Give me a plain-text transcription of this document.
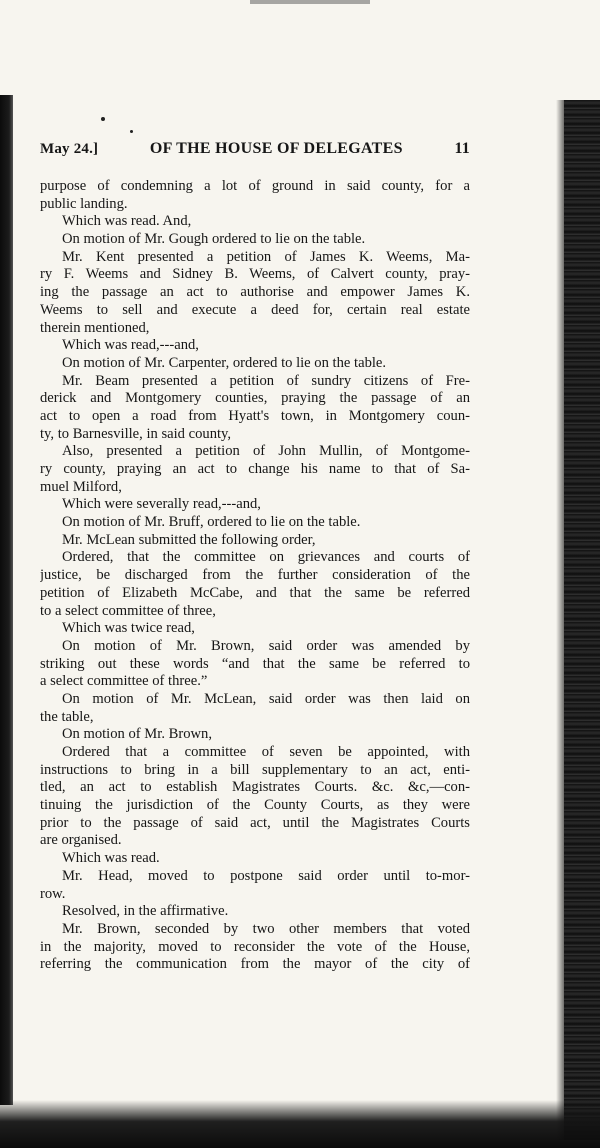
May 24.]	OF THE HOUSE OF DELEGATES	11
purpose of condemning a lot of ground in said county, for a
public landing.
Which was read. And,
On motion of Mr. Gough ordered to lie on the table.
Mr. Kent presented a petition of James K. Weems, Ma-
ry F. Weems and Sidney B. Weems, of Calvert county, pray-
ing the passage an act to authorise and empower James K.
Weems to sell and execute a deed for, certain real estate
therein mentioned,
Which was read,---and,
On motion of Mr. Carpenter, ordered to lie on the table.
Mr. Beam presented a petition of sundry citizens of Fre-
derick and Montgomery counties, praying the passage of an
act to open a road from Hyatt's town, in Montgomery coun-
ty, to Barnesville, in said county,
Also, presented a petition of John Mullin, of Montgome-
ry county, praying an act to change his name to that of Sa-
muel Milford,
Which were severally read,---and,
On motion of Mr. Bruff, ordered to lie on the table.
Mr. McLean submitted the following order,
Ordered, that the committee on grievances and courts of
justice, be discharged from the further consideration of the
petition of Elizabeth McCabe, and that the same be referred
to a select committee of three,
Which was twice read,
On motion of Mr. Brown, said order was amended by
striking out these words “and that the same be referred to
a select committee of three.”
On motion of Mr. McLean, said order was then laid on
the table,
On motion of Mr. Brown,
Ordered that a committee of seven be appointed, with
instructions to bring in a bill supplementary to an act, enti-
tled, an act to establish Magistrates Courts. &c. &c,—con-
tinuing the jurisdiction of the County Courts, as they were
prior to the passage of said act, until the Magistrates Courts
are organised.
Which was read.
Mr. Head, moved to postpone said order until to-mor-
row.
Resolved, in the affirmative.
Mr. Brown, seconded by two other members that voted
in the majority, moved to reconsider the vote of the House,
referring the communication from the mayor of the city of
